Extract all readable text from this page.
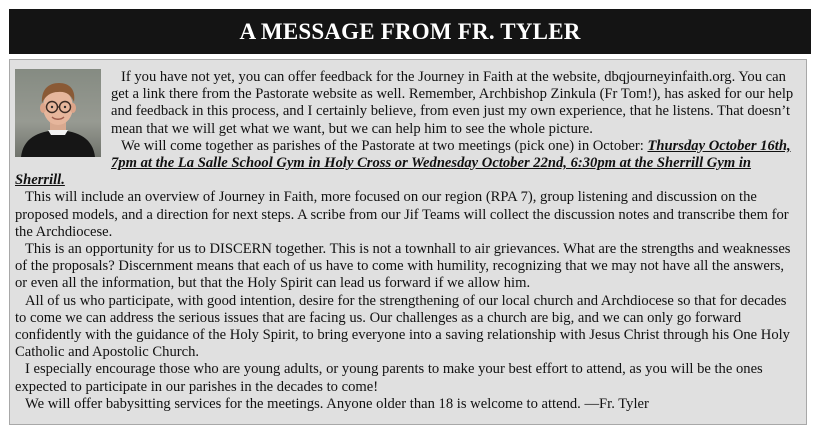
A MESSAGE FROM FR. TYLER

If you have not yet, you can offer feedback for the Journey in Faith at the website, dbqjourneyinfaith.org. You can get a link there from the Pastorate website as well. Remember, Archbishop Zinkula (Fr Tom!), has asked for our help and feedback in this process, and I certainly believe, from even just my own experience, that he listens. That doesn’t mean that we will get what we want, but we can help him to see the whole picture.

We will come together as parishes of the Pastorate at two meetings (pick one) in October: Thursday October 16th, 7pm at the La Salle School Gym in Holy Cross or Wednesday October 22nd, 6:30pm at the Sherrill Gym in Sherrill.

This will include an overview of Journey in Faith, more focused on our region (RPA 7), group listening and discussion on the proposed models, and a direction for next steps. A scribe from our Jif Teams will collect the discussion notes and transcribe them for the Archdiocese.

This is an opportunity for us to DISCERN together. This is not a townhall to air grievances. What are the strengths and weaknesses of the proposals? Discernment means that each of us have to come with humility, recognizing that we may not have all the answers, or even all the information, but that the Holy Spirit can lead us forward if we allow him.

All of us who participate, with good intention, desire for the strengthening of our local church and Archdiocese so that for decades to come we can address the serious issues that are facing us. Our challenges as a church are big, and we can only go forward confidently with the guidance of the Holy Spirit, to bring everyone into a saving relationship with Jesus Christ through his One Holy Catholic and Apostolic Church.

I especially encourage those who are young adults, or young parents to make your best effort to attend, as you will be the ones expected to participate in our parishes in the decades to come!

We will offer babysitting services for the meetings. Anyone older than 18 is welcome to attend. —Fr. Tyler
